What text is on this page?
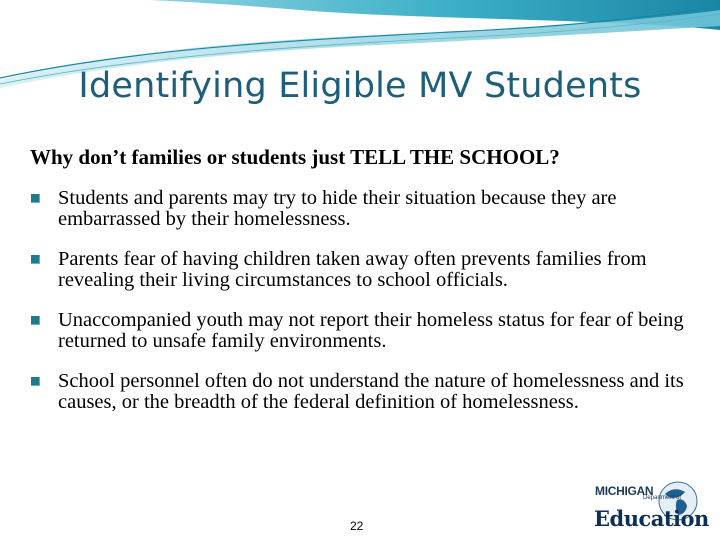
Identifying Eligible MV Students
Why don’t families or students just TELL THE SCHOOL?
Students and parents may try to hide their situation because they are embarrassed by their homelessness.
Parents fear of having children taken away often prevents families from revealing their living circumstances to school officials.
Unaccompanied youth may not report their homeless status for fear of being returned to unsafe family environments.
School personnel often do not understand the nature of homelessness and its causes, or the breadth of the federal definition of homelessness.
22
MICHIGAN
Department of
Education
